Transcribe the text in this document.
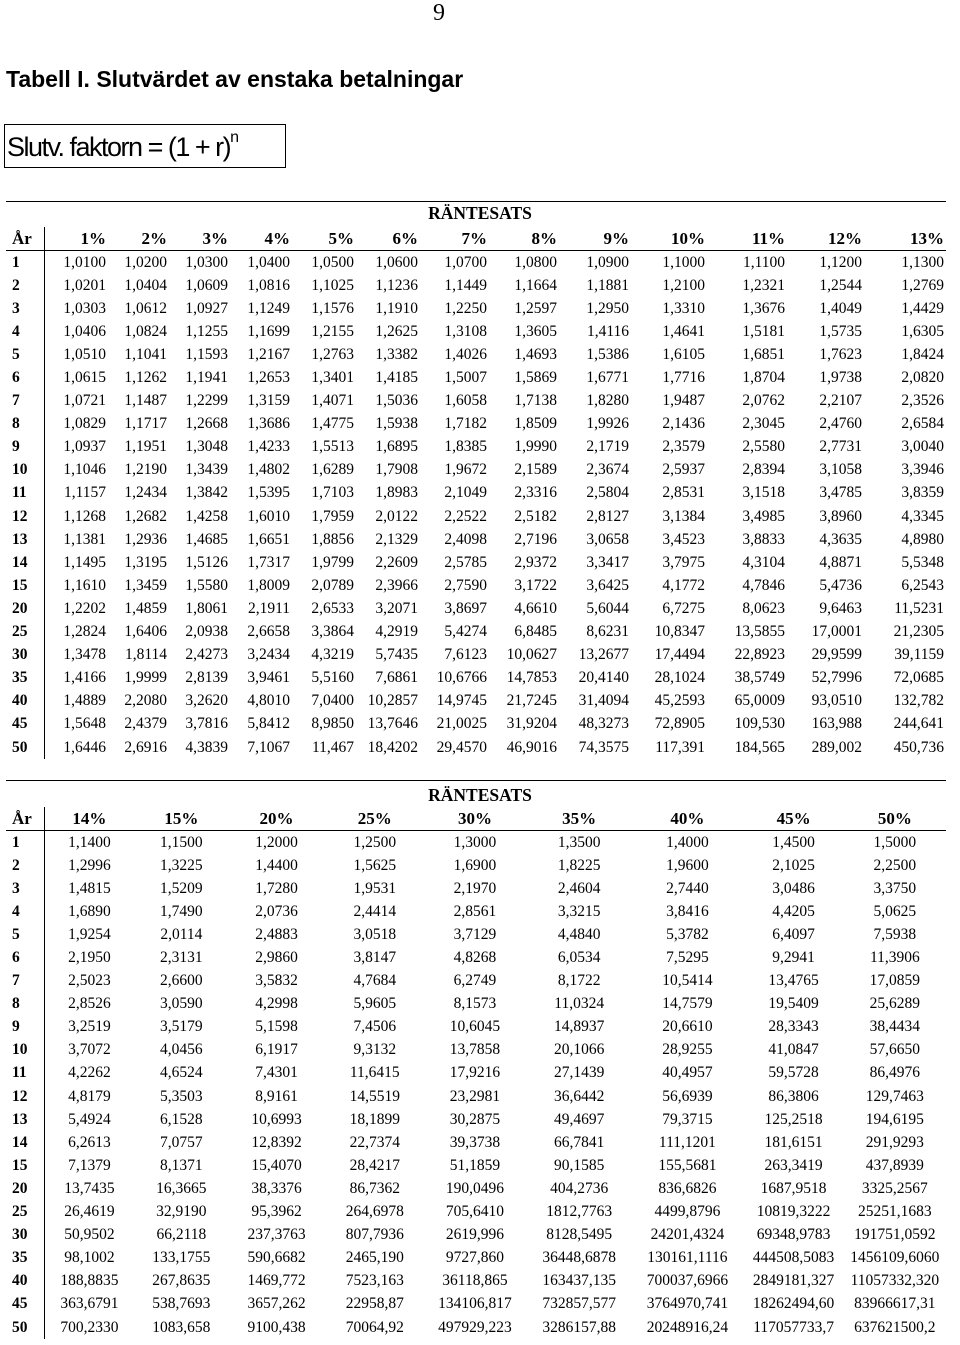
9
Tabell I. Slutvärdet av enstaka betalningar
Slutv. faktorn = $(1 + r)^n$
RÄNTESATS
År	1%	2%	3%	4%	5%	6%	7%	8%	9%	10%	11%	12%	13%
1	1,0100	1,0200	1,0300	1,0400	1,0500	1,0600	1,0700	1,0800	1,0900	1,1000	1,1100	1,1200	1,1300
2	1,0201	1,0404	1,0609	1,0816	1,1025	1,1236	1,1449	1,1664	1,1881	1,2100	1,2321	1,2544	1,2769
3	1,0303	1,0612	1,0927	1,1249	1,1576	1,1910	1,2250	1,2597	1,2950	1,3310	1,3676	1,4049	1,4429
4	1,0406	1,0824	1,1255	1,1699	1,2155	1,2625	1,3108	1,3605	1,4116	1,4641	1,5181	1,5735	1,6305
5	1,0510	1,1041	1,1593	1,2167	1,2763	1,3382	1,4026	1,4693	1,5386	1,6105	1,6851	1,7623	1,8424
6	1,0615	1,1262	1,1941	1,2653	1,3401	1,4185	1,5007	1,5869	1,6771	1,7716	1,8704	1,9738	2,0820
7	1,0721	1,1487	1,2299	1,3159	1,4071	1,5036	1,6058	1,7138	1,8280	1,9487	2,0762	2,2107	2,3526
8	1,0829	1,1717	1,2668	1,3686	1,4775	1,5938	1,7182	1,8509	1,9926	2,1436	2,3045	2,4760	2,6584
9	1,0937	1,1951	1,3048	1,4233	1,5513	1,6895	1,8385	1,9990	2,1719	2,3579	2,5580	2,7731	3,0040
10	1,1046	1,2190	1,3439	1,4802	1,6289	1,7908	1,9672	2,1589	2,3674	2,5937	2,8394	3,1058	3,3946
11	1,1157	1,2434	1,3842	1,5395	1,7103	1,8983	2,1049	2,3316	2,5804	2,8531	3,1518	3,4785	3,8359
12	1,1268	1,2682	1,4258	1,6010	1,7959	2,0122	2,2522	2,5182	2,8127	3,1384	3,4985	3,8960	4,3345
13	1,1381	1,2936	1,4685	1,6651	1,8856	2,1329	2,4098	2,7196	3,0658	3,4523	3,8833	4,3635	4,8980
14	1,1495	1,3195	1,5126	1,7317	1,9799	2,2609	2,5785	2,9372	3,3417	3,7975	4,3104	4,8871	5,5348
15	1,1610	1,3459	1,5580	1,8009	2,0789	2,3966	2,7590	3,1722	3,6425	4,1772	4,7846	5,4736	6,2543
20	1,2202	1,4859	1,8061	2,1911	2,6533	3,2071	3,8697	4,6610	5,6044	6,7275	8,0623	9,6463	11,5231
25	1,2824	1,6406	2,0938	2,6658	3,3864	4,2919	5,4274	6,8485	8,6231	10,8347	13,5855	17,0001	21,2305
30	1,3478	1,8114	2,4273	3,2434	4,3219	5,7435	7,6123	10,0627	13,2677	17,4494	22,8923	29,9599	39,1159
35	1,4166	1,9999	2,8139	3,9461	5,5160	7,6861	10,6766	14,7853	20,4140	28,1024	38,5749	52,7996	72,0685
40	1,4889	2,2080	3,2620	4,8010	7,0400	10,2857	14,9745	21,7245	31,4094	45,2593	65,0009	93,0510	132,782
45	1,5648	2,4379	3,7816	5,8412	8,9850	13,7646	21,0025	31,9204	48,3273	72,8905	109,530	163,988	244,641
50	1,6446	2,6916	4,3839	7,1067	11,467	18,4202	29,4570	46,9016	74,3575	117,391	184,565	289,002	450,736
RÄNTESATS
År	14%	15%	20%	25%	30%	35%	40%	45%	50%
1	1,1400	1,1500	1,2000	1,2500	1,3000	1,3500	1,4000	1,4500	1,5000
2	1,2996	1,3225	1,4400	1,5625	1,6900	1,8225	1,9600	2,1025	2,2500
3	1,4815	1,5209	1,7280	1,9531	2,1970	2,4604	2,7440	3,0486	3,3750
4	1,6890	1,7490	2,0736	2,4414	2,8561	3,3215	3,8416	4,4205	5,0625
5	1,9254	2,0114	2,4883	3,0518	3,7129	4,4840	5,3782	6,4097	7,5938
6	2,1950	2,3131	2,9860	3,8147	4,8268	6,0534	7,5295	9,2941	11,3906
7	2,5023	2,6600	3,5832	4,7684	6,2749	8,1722	10,5414	13,4765	17,0859
8	2,8526	3,0590	4,2998	5,9605	8,1573	11,0324	14,7579	19,5409	25,6289
9	3,2519	3,5179	5,1598	7,4506	10,6045	14,8937	20,6610	28,3343	38,4434
10	3,7072	4,0456	6,1917	9,3132	13,7858	20,1066	28,9255	41,0847	57,6650
11	4,2262	4,6524	7,4301	11,6415	17,9216	27,1439	40,4957	59,5728	86,4976
12	4,8179	5,3503	8,9161	14,5519	23,2981	36,6442	56,6939	86,3806	129,7463
13	5,4924	6,1528	10,6993	18,1899	30,2875	49,4697	79,3715	125,2518	194,6195
14	6,2613	7,0757	12,8392	22,7374	39,3738	66,7841	111,1201	181,6151	291,9293
15	7,1379	8,1371	15,4070	28,4217	51,1859	90,1585	155,5681	263,3419	437,8939
20	13,7435	16,3665	38,3376	86,7362	190,0496	404,2736	836,6826	1687,9518	3325,2567
25	26,4619	32,9190	95,3962	264,6978	705,6410	1812,7763	4499,8796	10819,3222	25251,1683
30	50,9502	66,2118	237,3763	807,7936	2619,996	8128,5495	24201,4324	69348,9783	191751,0592
35	98,1002	133,1755	590,6682	2465,190	9727,860	36448,6878	130161,1116	444508,5083	1456109,6060
40	188,8835	267,8635	1469,772	7523,163	36118,865	163437,135	700037,6966	2849181,327	11057332,320
45	363,6791	538,7693	3657,262	22958,87	134106,817	732857,577	3764970,741	18262494,60	83966617,31
50	700,2330	1083,658	9100,438	70064,92	497929,223	3286157,88	20248916,24	117057733,7	637621500,2
